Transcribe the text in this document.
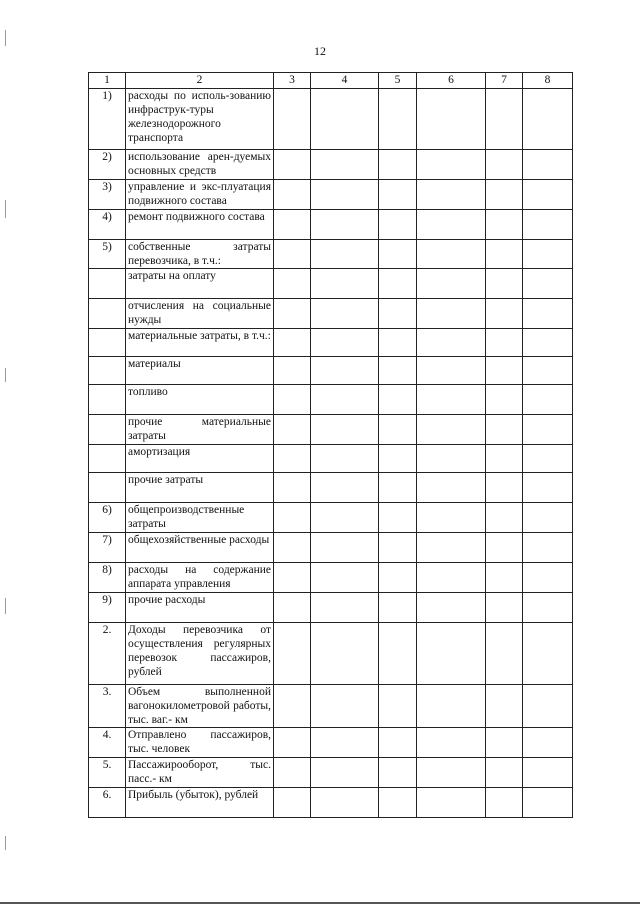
12
1	2	3	4	5	6	7	8
1)	расходы по исполь-зованию инфраструк-туры железнодорожного транспорта						
2)	использование арен-дуемых основных средств						
3)	управление и экс-плуатация подвижного состава						
4)	ремонт подвижного состава						
5)	собственные затраты перевозчика, в т.ч.:						
	затраты на оплату						
	отчисления на социальные нужды						
	материальные затраты, в т.ч.:						
	материалы						
	топливо						
	прочие материальные затраты						
	амортизация						
	прочие затраты						
6)	общепроизводственные затраты						
7)	общехозяйственные расходы						
8)	расходы на содержание аппарата управления						
9)	прочие расходы						
2.	Доходы перевозчика от осуществления регулярных перевозок пассажиров, рублей						
3.	Объем выполненной вагонокилометровой работы, тыс. ваг.- км						
4.	Отправлено пассажиров, тыс. человек						
5.	Пассажирооборот, тыс. пасс.- км						
6.	Прибыль (убыток), рублей						
